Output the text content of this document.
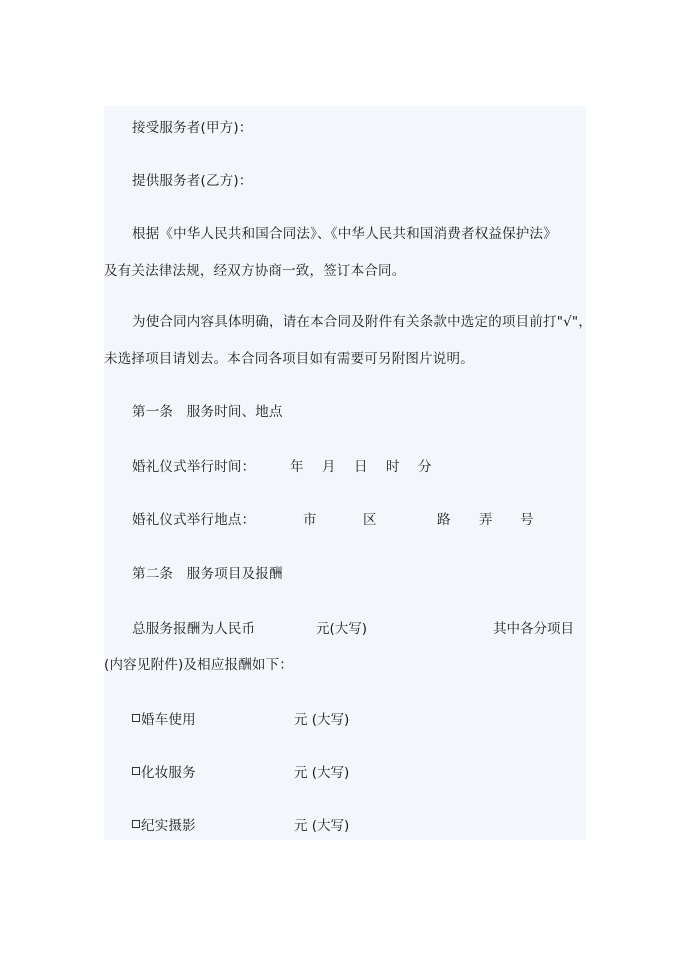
接受服务者(甲方)：
提供服务者(乙方)：
根据《中华人民共和国合同法》、《中华人民共和国消费者权益保护法》
及有关法律法规，经双方协商一致，签订本合同。
为使合同内容具体明确，请在本合同及附件有关条款中选定的项目前打"√"，
未选择项目请划去。本合同各项目如有需要可另附图片说明。
第一条　服务时间、地点
婚礼仪式举行时间：	年 月 日 时 分
婚礼仪式举行地点：	市	区	路 弄 号
第二条　服务项目及报酬
总服务报酬为人民币	元(大写)	其中各分项目
(内容见附件)及相应报酬如下：
婚车使用	元 (大写)
化妆服务	元 (大写)
纪实摄影	元 (大写)
